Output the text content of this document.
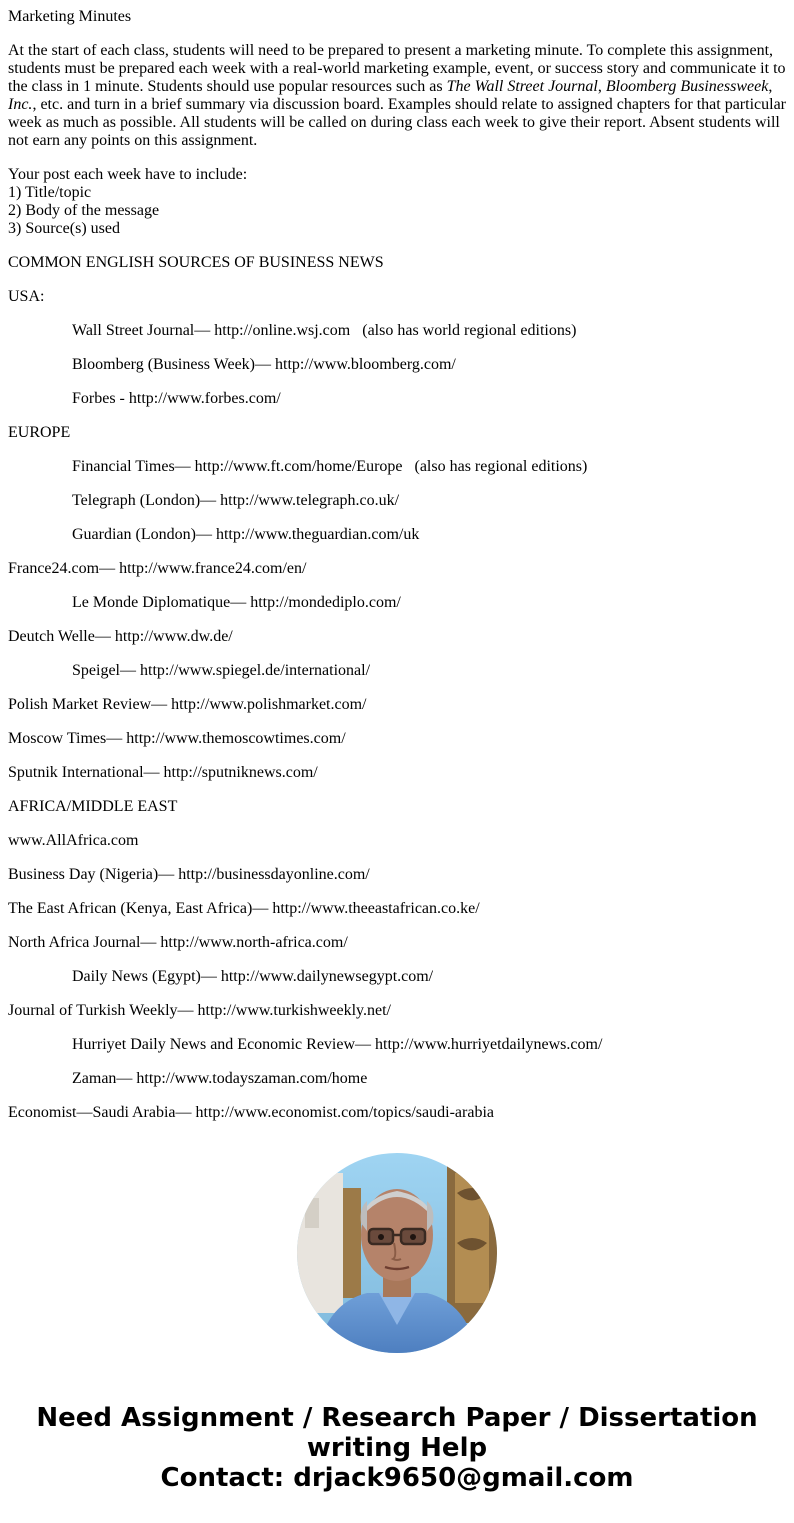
Marketing Minutes
At the start of each class, students will need to be prepared to present a marketing minute. To complete this assignment, students must be prepared each week with a real-world marketing example, event, or success story and communicate it to the class in 1 minute. Students should use popular resources such as The Wall Street Journal, Bloomberg Businessweek, Inc., etc. and turn in a brief summary via discussion board. Examples should relate to assigned chapters for that particular week as much as possible. All students will be called on during class each week to give their report. Absent students will not earn any points on this assignment.
Your post each week have to include:
1) Title/topic
2) Body of the message
3) Source(s) used
COMMON ENGLISH SOURCES OF BUSINESS NEWS
USA:
Wall Street Journal— http://online.wsj.com (also has world regional editions)
Bloomberg (Business Week)— http://www.bloomberg.com/
Forbes - http://www.forbes.com/
EUROPE
Financial Times— http://www.ft.com/home/Europe (also has regional editions)
Telegraph (London)— http://www.telegraph.co.uk/
Guardian (London)— http://www.theguardian.com/uk
France24.com— http://www.france24.com/en/
Le Monde Diplomatique— http://mondediplo.com/
Deutch Welle— http://www.dw.de/
Speigel— http://www.spiegel.de/international/
Polish Market Review— http://www.polishmarket.com/
Moscow Times— http://www.themoscowtimes.com/
Sputnik International— http://sputniknews.com/
AFRICA/MIDDLE EAST
www.AllAfrica.com
Business Day (Nigeria)— http://businessdayonline.com/
The East African (Kenya, East Africa)— http://www.theeastafrican.co.ke/
North Africa Journal— http://www.north-africa.com/
Daily News (Egypt)— http://www.dailynewsegypt.com/
Journal of Turkish Weekly— http://www.turkishweekly.net/
Hurriyet Daily News and Economic Review— http://www.hurriyetdailynews.com/
Zaman— http://www.todayszaman.com/home
Economist—Saudi Arabia— http://www.economist.com/topics/saudi-arabia
Need Assignment / Research Paper / Dissertation
writing Help
Contact: drjack9650@gmail.com
